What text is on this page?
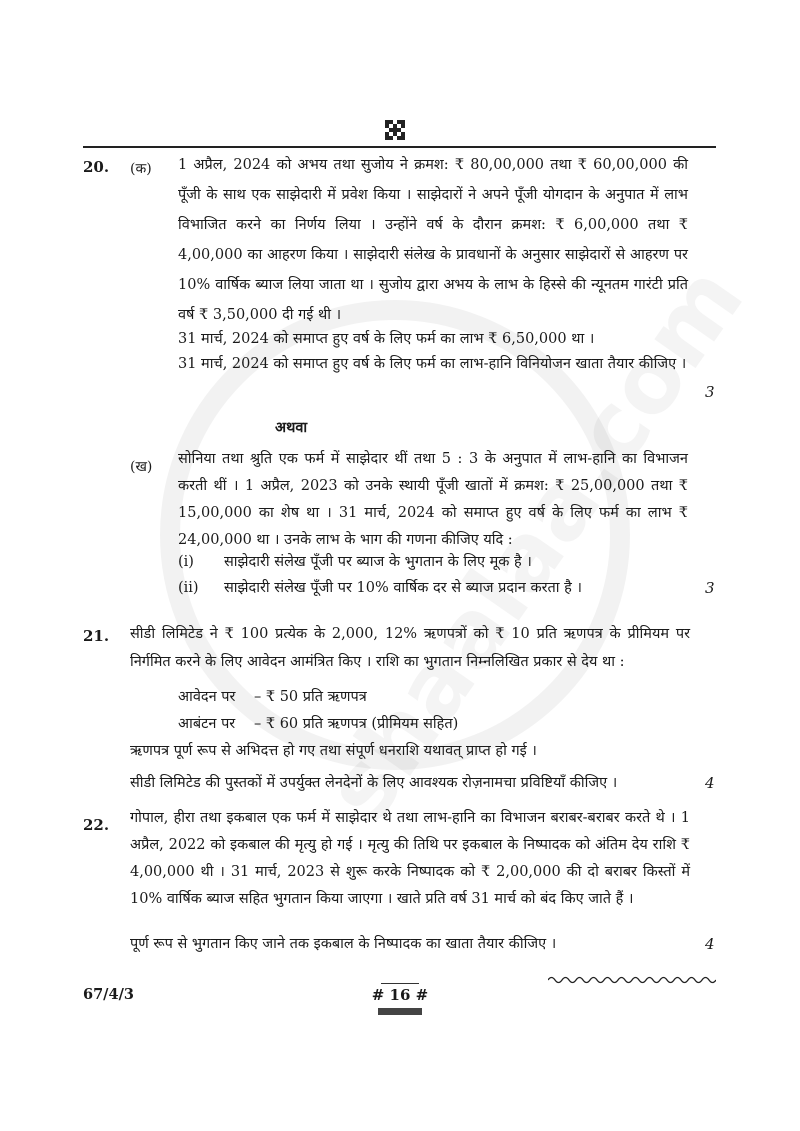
20. (क) 1 अप्रैल, 2024 को अभय तथा सुजोय ने क्रमश: ₹ 80,00,000 तथा ₹ 60,00,000 की पूँजी के साथ एक साझेदारी में प्रवेश किया । साझेदारों ने अपने पूँजी योगदान के अनुपात में लाभ विभाजित करने का निर्णय लिया । उन्होंने वर्ष के दौरान क्रमश: ₹ 6,00,000 तथा ₹ 4,00,000 का आहरण किया । साझेदारी संलेख के प्रावधानों के अनुसार साझेदारों से आहरण पर 10% वार्षिक ब्याज लिया जाता था । सुजोय द्वारा अभय के लाभ के हिस्से की न्यूनतम गारंटी प्रति वर्ष ₹ 3,50,000 दी गई थी ।
31 मार्च, 2024 को समाप्त हुए वर्ष के लिए फर्म का लाभ ₹ 6,50,000 था ।
31 मार्च, 2024 को समाप्त हुए वर्ष के लिए फर्म का लाभ-हानि विनियोजन खाता तैयार कीजिए ।
3
अथवा
(ख) सोनिया तथा श्रुति एक फर्म में साझेदार थीं तथा 5 : 3 के अनुपात में लाभ-हानि का विभाजन करती थीं । 1 अप्रैल, 2023 को उनके स्थायी पूँजी खातों में क्रमश: ₹ 25,00,000 तथा ₹ 15,00,000 का शेष था । 31 मार्च, 2024 को समाप्त हुए वर्ष के लिए फर्म का लाभ ₹ 24,00,000 था । उनके लाभ के भाग की गणना कीजिए यदि :
(i) साझेदारी संलेख पूँजी पर ब्याज के भुगतान के लिए मूक है ।
(ii) साझेदारी संलेख पूँजी पर 10% वार्षिक दर से ब्याज प्रदान करता है ।	3
21. सीडी लिमिटेड ने ₹ 100 प्रत्येक के 2,000, 12% ऋणपत्रों को ₹ 10 प्रति ऋणपत्र के प्रीमियम पर निर्गमित करने के लिए आवेदन आमंत्रित किए । राशि का भुगतान निम्नलिखित प्रकार से देय था :
आवेदन पर – ₹ 50 प्रति ऋणपत्र
आबंटन पर – ₹ 60 प्रति ऋणपत्र (प्रीमियम सहित)
ऋणपत्र पूर्ण रूप से अभिदत्त हो गए तथा संपूर्ण धनराशि यथावत् प्राप्त हो गई ।
सीडी लिमिटेड की पुस्तकों में उपर्युक्त लेनदेनों के लिए आवश्यक रोज़नामचा प्रविष्टियाँ कीजिए ।	4
22. गोपाल, हीरा तथा इकबाल एक फर्म में साझेदार थे तथा लाभ-हानि का विभाजन बराबर-बराबर करते थे । 1 अप्रैल, 2022 को इकबाल की मृत्यु हो गई । मृत्यु की तिथि पर इकबाल के निष्पादक को अंतिम देय राशि ₹ 4,00,000 थी । 31 मार्च, 2023 से शुरू करके निष्पादक को ₹ 2,00,000 की दो बराबर किस्तों में 10% वार्षिक ब्याज सहित भुगतान किया जाएगा । खाते प्रति वर्ष 31 मार्च को बंद किए जाते हैं ।
पूर्ण रूप से भुगतान किए जाने तक इकबाल के निष्पादक का खाता तैयार कीजिए ।	4
67/4/3	# 16 #
